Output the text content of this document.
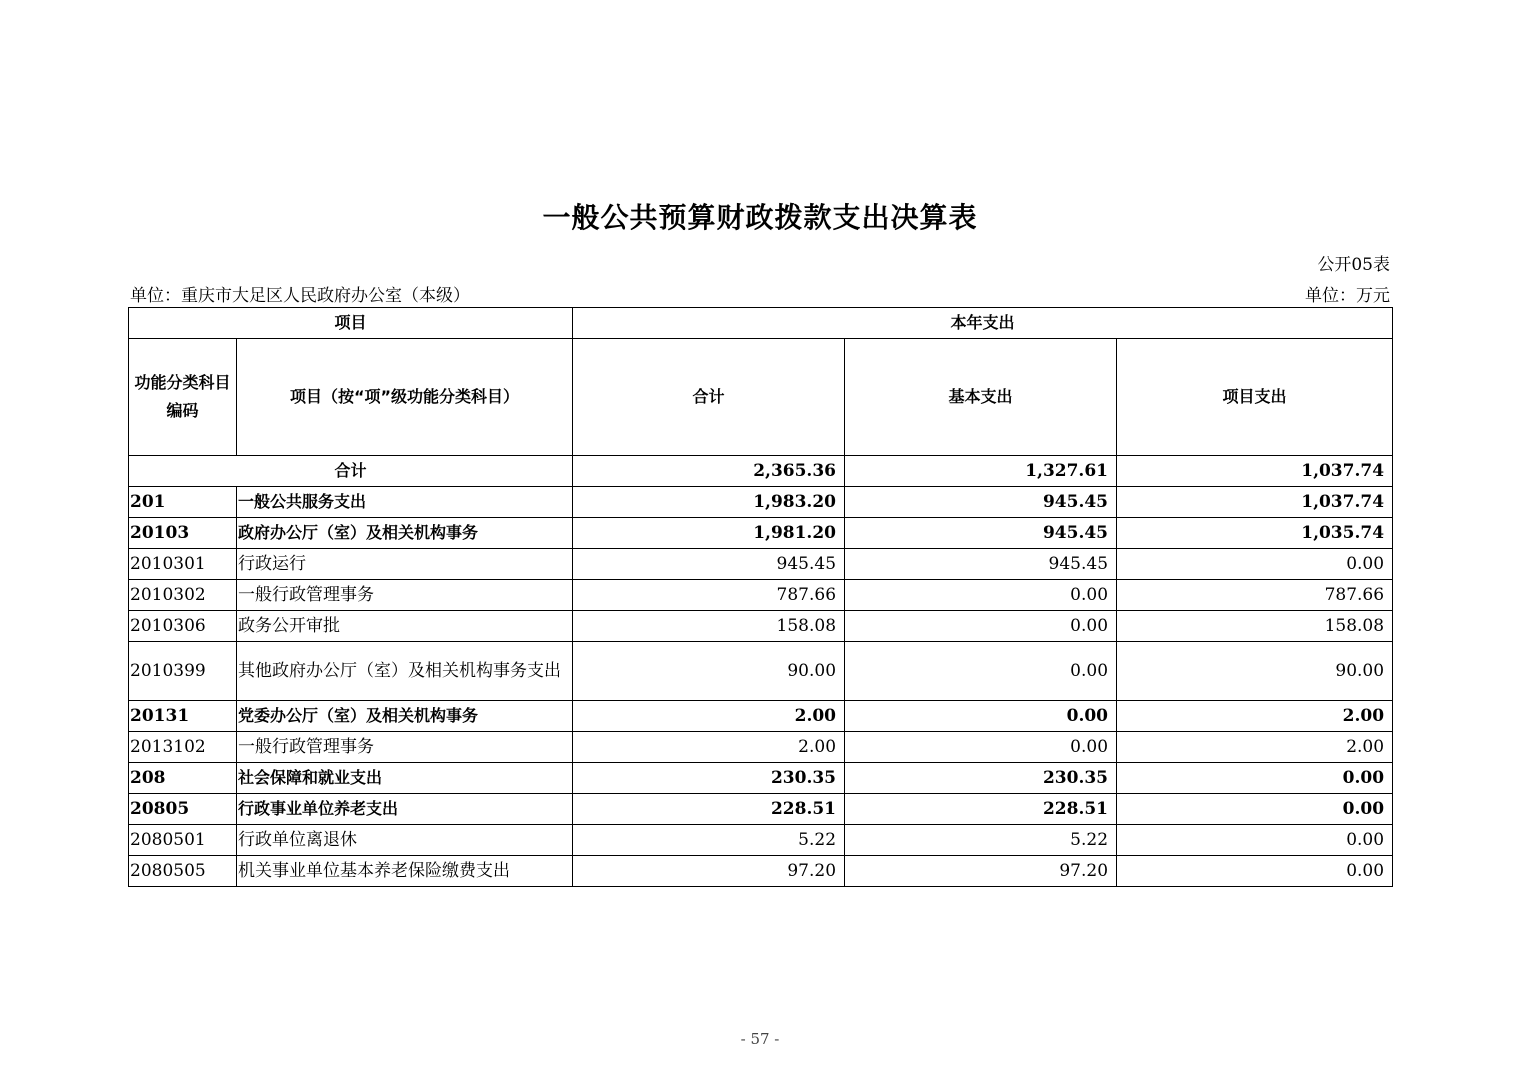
一般公共预算财政拨款支出决算表
公开05表
单位：重庆市大足区人民政府办公室（本级）	单位：万元
项目		本年支出		
功能分类科目编码	项目（按“项”级功能分类科目）	合计	基本支出	项目支出
合计		2,365.36	1,327.61	1,037.74
201	一般公共服务支出	1,983.20	945.45	1,037.74
20103	政府办公厅（室）及相关机构事务	1,981.20	945.45	1,035.74
2010301	行政运行	945.45	945.45	0.00
2010302	一般行政管理事务	787.66	0.00	787.66
2010306	政务公开审批	158.08	0.00	158.08
2010399	其他政府办公厅（室）及相关机构事务支出	90.00	0.00	90.00
20131	党委办公厅（室）及相关机构事务	2.00	0.00	2.00
2013102	一般行政管理事务	2.00	0.00	2.00
208	社会保障和就业支出	230.35	230.35	0.00
20805	行政事业单位养老支出	228.51	228.51	0.00
2080501	行政单位离退休	5.22	5.22	0.00
2080505	机关事业单位基本养老保险缴费支出	97.20	97.20	0.00
- 57 -
